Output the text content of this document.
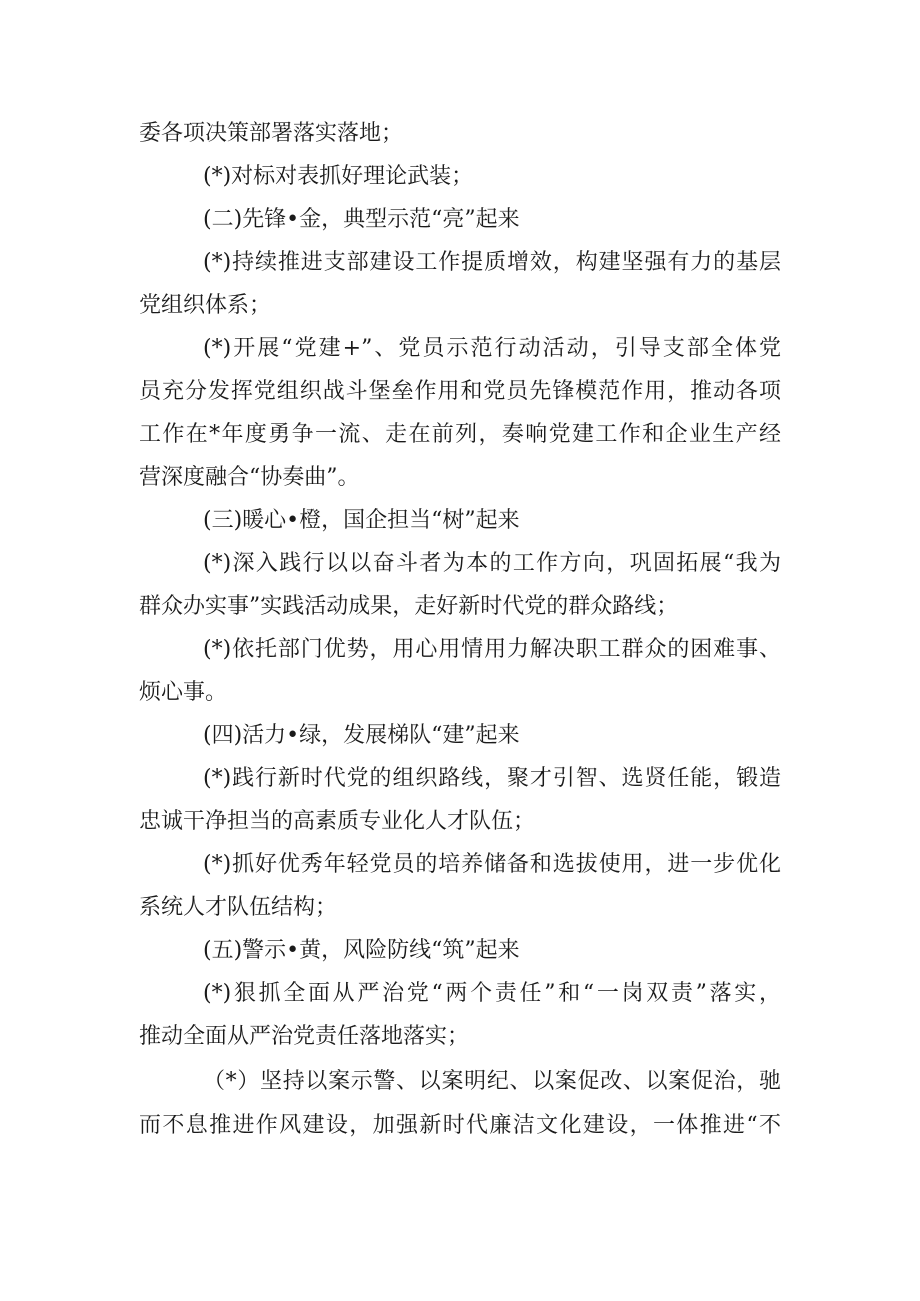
委各项决策部署落实落地；
(*)对标对表抓好理论武装；
(二)先锋•金，典型示范“亮”起来
(*)持续推进支部建设工作提质增效，构建坚强有力的基层
党组织体系；
(*)开展“党建+”、党员示范行动活动，引导支部全体党
员充分发挥党组织战斗堡垒作用和党员先锋模范作用，推动各项
工作在*年度勇争一流、走在前列，奏响党建工作和企业生产经
营深度融合“协奏曲”。
(三)暖心•橙，国企担当“树”起来
(*)深入践行以以奋斗者为本的工作方向，巩固拓展“我为
群众办实事”实践活动成果，走好新时代党的群众路线；
(*)依托部门优势，用心用情用力解决职工群众的困难事、
烦心事。
(四)活力•绿，发展梯队“建”起来
(*)践行新时代党的组织路线，聚才引智、选贤任能，锻造
忠诚干净担当的高素质专业化人才队伍；
(*)抓好优秀年轻党员的培养储备和选拔使用，进一步优化
系统人才队伍结构；
(五)警示•黄，风险防线“筑”起来
(*)狠抓全面从严治党“两个责任”和“一岗双责”落实，
推动全面从严治党责任落地落实；
（*）坚持以案示警、以案明纪、以案促改、以案促治，驰
而不息推进作风建设，加强新时代廉洁文化建设，一体推进“不
